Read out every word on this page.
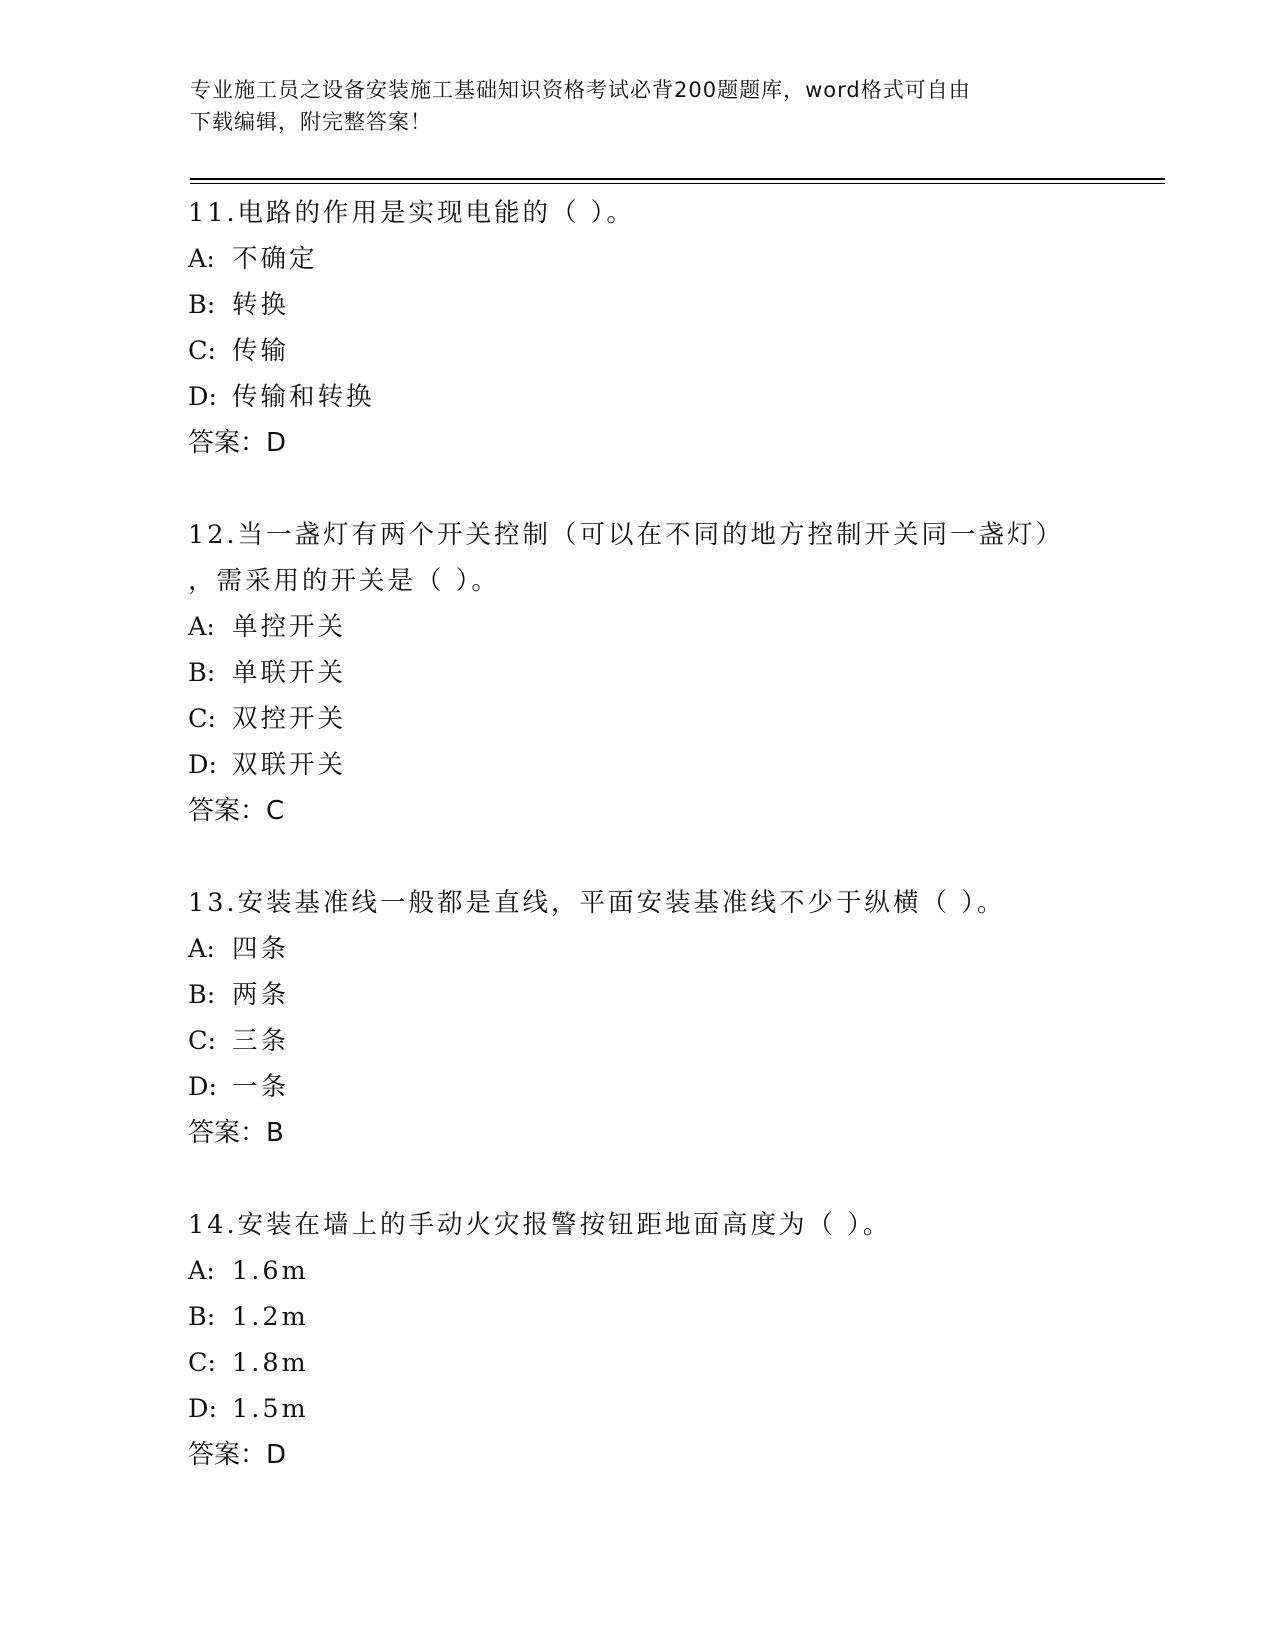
专业施工员之设备安装施工基础知识资格考试必背200题题库，word格式可自由
下载编辑，附完整答案！
11.电路的作用是实现电能的（ ）。
A: 不确定
B: 转换
C: 传输
D: 传输和转换
答案：D
12.当一盏灯有两个开关控制（可以在不同的地方控制开关同一盏灯）
，需采用的开关是（ ）。
A: 单控开关
B: 单联开关
C: 双控开关
D: 双联开关
答案：C
13.安装基准线一般都是直线，平面安装基准线不少于纵横（ ）。
A: 四条
B: 两条
C: 三条
D: 一条
答案：B
14.安装在墙上的手动火灾报警按钮距地面高度为（ ）。
A: 1.6m
B: 1.2m
C: 1.8m
D: 1.5m
答案：D
